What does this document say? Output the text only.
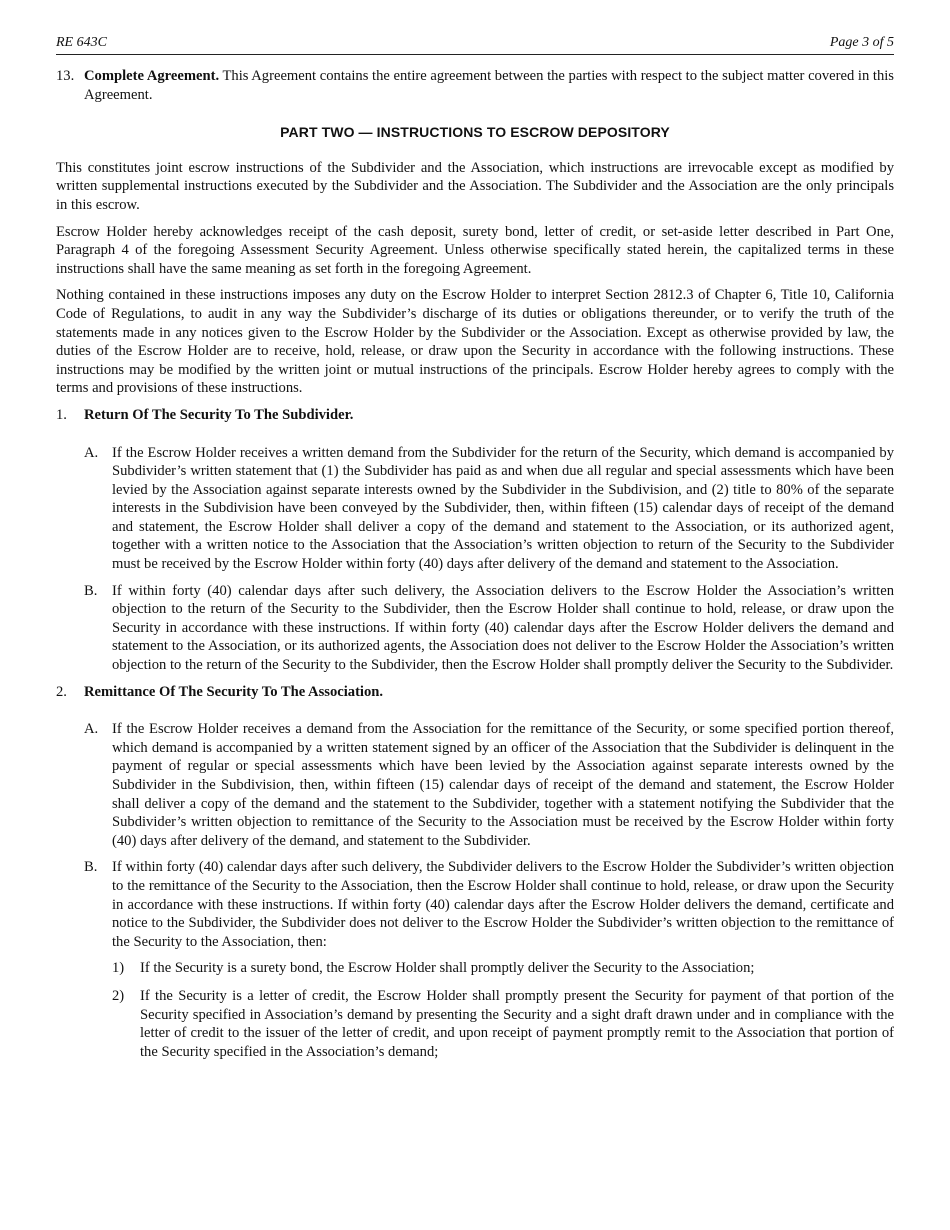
RE 643C	Page 3 of 5
13. Complete Agreement. This Agreement contains the entire agreement between the parties with respect to the subject matter covered in this Agreement.
PART TWO — INSTRUCTIONS TO ESCROW DEPOSITORY

This constitutes joint escrow instructions of the Subdivider and the Association, which instructions are irrevocable except as modified by written supplemental instructions executed by the Subdivider and the Association. The Subdivider and the Association are the only principals in this escrow.

Escrow Holder hereby acknowledges receipt of the cash deposit, surety bond, letter of credit, or set-aside letter described in Part One, Paragraph 4 of the foregoing Assessment Security Agreement. Unless otherwise specifically stated herein, the capitalized terms in these instructions shall have the same meaning as set forth in the foregoing Agreement.

Nothing contained in these instructions imposes any duty on the Escrow Holder to interpret Section 2812.3 of Chapter 6, Title 10, California Code of Regulations, to audit in any way the Subdivider’s discharge of its duties or obligations thereunder, or to verify the truth of the statements made in any notices given to the Escrow Holder by the Subdivider or the Association. Except as otherwise provided by law, the duties of the Escrow Holder are to receive, hold, release, or draw upon the Security in accordance with the following instructions. These instructions may be modified by the written joint or mutual instructions of the principals. Escrow Holder hereby agrees to comply with the terms and provisions of these instructions.

1.	Return Of The Security To The Subdivider.
A. If the Escrow Holder receives a written demand from the Subdivider for the return of the Security, which demand is accompanied by Subdivider’s written statement that (1) the Subdivider has paid as and when due all regular and special assessments which have been levied by the Association against separate interests owned by the Subdivider in the Subdivision, and (2) title to 80% of the separate interests in the Subdivision have been conveyed by the Subdivider, then, within fifteen (15) calendar days of receipt of the demand and statement, the Escrow Holder shall deliver a copy of the demand and statement to the Association, or its authorized agent, together with a written notice to the Association that the Association’s written objection to return of the Security to the Subdivider must be received by the Escrow Holder within forty (40) days after delivery of the demand and statement to the Association.
B.	If within forty (40) calendar days after such delivery, the Association delivers to the Escrow Holder the Association’s written objection to the return of the Security to the Subdivider, then the Escrow Holder shall continue to hold, release, or draw upon the Security in accordance with these instructions. If within forty (40) calendar days after the Escrow Holder delivers the demand and statement to the Association, or its authorized agents, the Association does not deliver to the Escrow Holder the Association’s written objection to the return of the Security to the Subdivider, then the Escrow Holder shall promptly deliver the Security to the Subdivider.
2.	Remittance Of The Security To The Association.
A. If the Escrow Holder receives a demand from the Association for the remittance of the Security, or some specified portion thereof, which demand is accompanied by a written statement signed by an officer of the Association that the Subdivider is delinquent in the payment of regular or special assessments which have been levied by the Association against separate interests owned by the Subdivider in the Subdivision, then, within fifteen (15) calendar days of receipt of the demand and statement, the Escrow Holder shall deliver a copy of the demand and the statement to the Subdivider, together with a statement notifying the Subdivider that the Subdivider’s written objection to remittance of the Security to the Association must be received by the Escrow Holder within forty (40) days after delivery of the demand, and statement to the Subdivider.
B.	If within forty (40) calendar days after such delivery, the Subdivider delivers to the Escrow Holder the Subdivider’s written objection to the remittance of the Security to the Association, then the Escrow Holder shall continue to hold, release, or draw upon the Security in accordance with these instructions. If within forty (40) calendar days after the Escrow Holder delivers the demand, certificate and notice to the Subdivider, the Subdivider does not deliver to the Escrow Holder the Subdivider’s written objection to the remittance of the Security to the Association, then:
1)	If the Security is a surety bond, the Escrow Holder shall promptly deliver the Security to the Association;
2)	If the Security is a letter of credit, the Escrow Holder shall promptly present the Security for payment of that portion of the Security specified in Association’s demand by presenting the Security and a sight draft drawn under and in compliance with the letter of credit to the issuer of the letter of credit, and upon receipt of payment promptly remit to the Association that portion of the Security specified in the Association’s demand;
